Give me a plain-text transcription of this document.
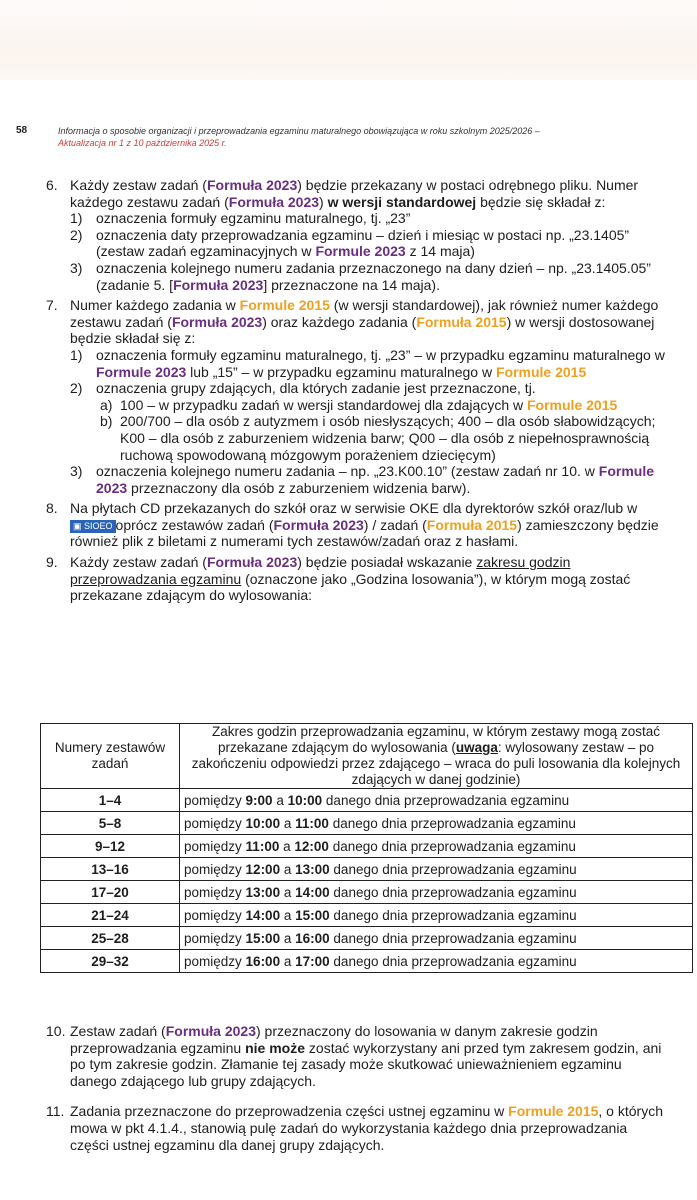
58	Informacja o sposobie organizacji i przeprowadzania egzaminu maturalnego obowiązująca w roku szkolnym 2025/2026 –
Aktualizacja nr 1 z 10 października 2025 r.
6. Każdy zestaw zadań (Formuła 2023) będzie przekazany w postaci odrębnego pliku. Numer każdego zestawu zadań (Formuła 2023) w wersji standardowej będzie się składał z:

1) oznaczenia formuły egzaminu maturalnego, tj. „23”
2) oznaczenia daty przeprowadzania egzaminu – dzień i miesiąc w postaci np. „23.1405” (zestaw zadań egzaminacyjnych w Formule 2023 z 14 maja)
3) oznaczenia kolejnego numeru zadania przeznaczonego na dany dzień – np. „23.1405.05” (zadanie 5. [Formuła 2023] przeznaczone na 14 maja).
7. Numer każdego zadania w Formule 2015 (w wersji standardowej), jak również numer każdego zestawu zadań (Formuła 2023) oraz każdego zadania (Formuła 2015) w wersji dostosowanej będzie składał się z:

1) oznaczenia formuły egzaminu maturalnego, tj. „23” – w przypadku egzaminu maturalnego w Formule 2023 lub „15” – w przypadku egzaminu maturalnego w Formule 2015
2) oznaczenia grupy zdających, dla których zadanie jest przeznaczone, tj.
a) 100 – w przypadku zadań w wersji standardowej dla zdających w Formule 2015
b) 200/700 – dla osób z autyzmem i osób niesłyszących; 400 – dla osób słabowidzących; K00 – dla osób z zaburzeniem widzenia barw; Q00 – dla osób z niepełnosprawnością ruchową spowodowaną mózgowym porażeniem dziecięcym)
3) oznaczenia kolejnego numeru zadania – np. „23.K00.10” (zestaw zadań nr 10. w Formule 2023 przeznaczony dla osób z zaburzeniem widzenia barw).
8. Na płytach CD przekazanych do szkół oraz w serwisie OKE dla dyrektorów szkół oraz/lub w ▣ SIOEO oprócz zestawów zadań (Formuła 2023) / zadań (Formuła 2015) zamieszczony będzie również plik z biletami z numerami tych zestawów/zadań oraz z hasłami.

9. Każdy zestaw zadań (Formuła 2023) będzie posiadał wskazanie zakresu godzin przeprowadzania egzaminu (oznaczone jako „Godzina losowania”), w którym mogą zostać przekazane zdającym do wylosowania:

Numery zestawów zadań	Zakres godzin przeprowadzania egzaminu, w którym zestawy mogą zostać przekazane zdającym do wylosowania (uwaga: wylosowany zestaw – po zakończeniu odpowiedzi przez zdającego – wraca do puli losowania dla kolejnych zdających w danej godzinie)
1–4	pomiędzy 9:00 a 10:00 danego dnia przeprowadzania egzaminu
5–8	pomiędzy 10:00 a 11:00 danego dnia przeprowadzania egzaminu
9–12	pomiędzy 11:00 a 12:00 danego dnia przeprowadzania egzaminu
13–16	pomiędzy 12:00 a 13:00 danego dnia przeprowadzania egzaminu
17–20	pomiędzy 13:00 a 14:00 danego dnia przeprowadzania egzaminu
21–24	pomiędzy 14:00 a 15:00 danego dnia przeprowadzania egzaminu
25–28	pomiędzy 15:00 a 16:00 danego dnia przeprowadzania egzaminu
29–32	pomiędzy 16:00 a 17:00 danego dnia przeprowadzania egzaminu
10. Zestaw zadań (Formuła 2023) przeznaczony do losowania w danym zakresie godzin przeprowadzania egzaminu nie może zostać wykorzystany ani przed tym zakresem godzin, ani po tym zakresie godzin. Złamanie tej zasady może skutkować unieważnieniem egzaminu danego zdającego lub grupy zdających.

11. Zadania przeznaczone do przeprowadzenia części ustnej egzaminu w Formule 2015, o których mowa w pkt 4.1.4., stanowią pulę zadań do wykorzystania każdego dnia przeprowadzania części ustnej egzaminu dla danej grupy zdających.
